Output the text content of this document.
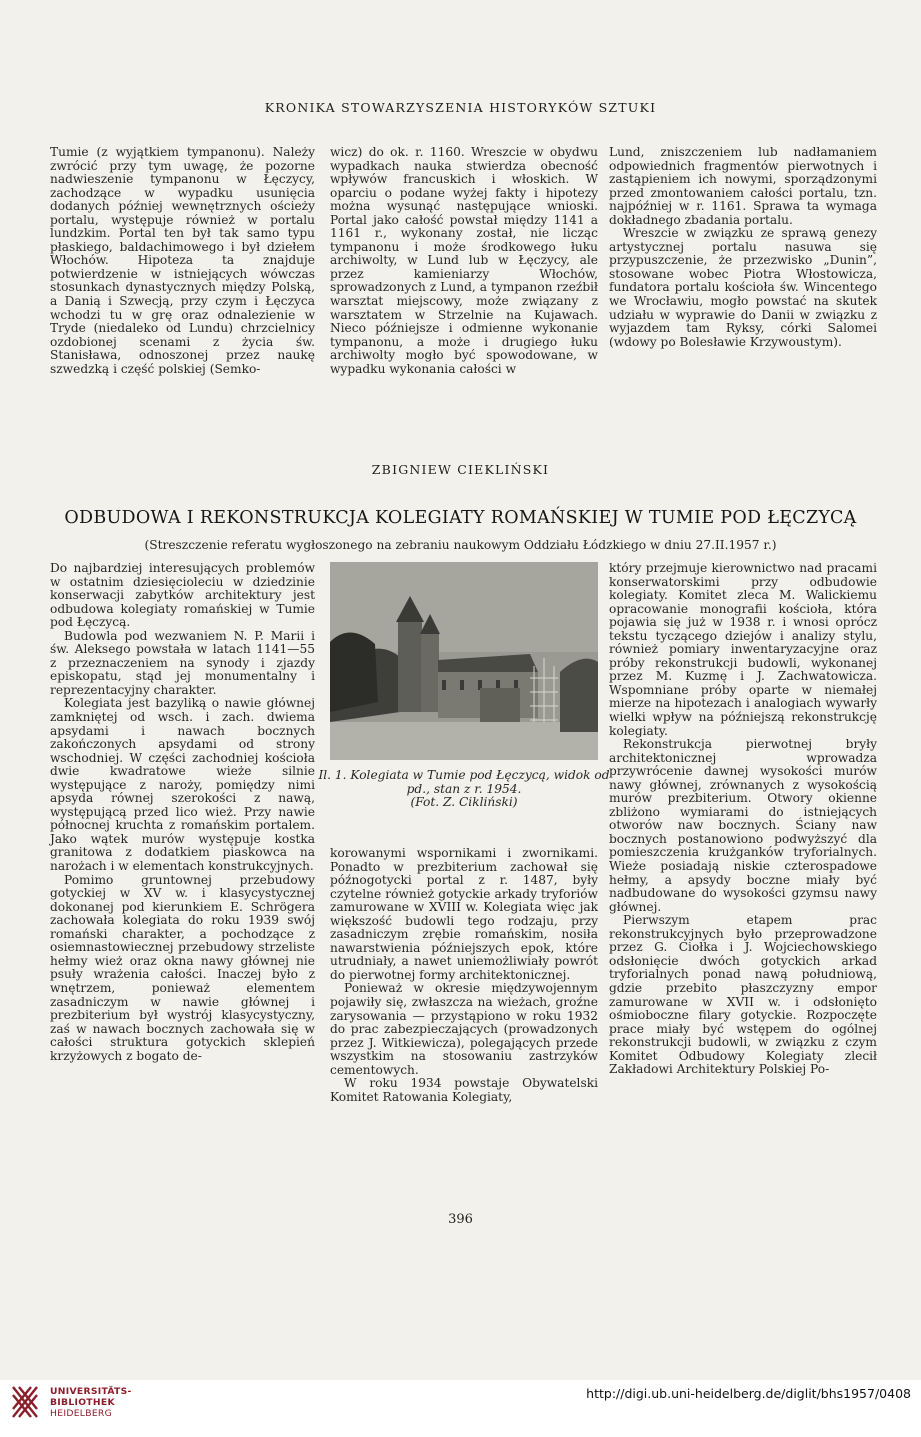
KRONIKA STOWARZYSZENIA HISTORYKÓW SZTUKI

Tumie (z wyjątkiem tympanonu). Należy zwrócić przy tym uwagę, że pozorne nadwieszenie tympanonu w Łęczycy, zachodzące w wypadku usunięcia dodanych później wewnętrznych ościeży portalu, występuje również w portalu lundzkim. Portal ten był tak samo typu płaskiego, baldachimowego i był dziełem Włochów. Hipoteza ta znajduje potwierdzenie w istniejących wówczas stosunkach dynastycznych między Polską, a Danią i Szwecją, przy czym i Łęczyca wchodzi tu w grę oraz odnalezienie w Tryde (niedaleko od Lundu) chrzcielnicy ozdobionej scenami z życia św. Stanisława, odnoszonej przez naukę szwedzką i część polskiej (Semko-

wicz) do ok. r. 1160. Wreszcie w obydwu wypadkach nauka stwierdza obecność wpływów francuskich i włoskich. W oparciu o podane wyżej fakty i hipotezy można wysunąć następujące wnioski. Portal jako całość powstał między 1141 a 1161 r., wykonany został, nie licząc tympanonu i może środkowego łuku archiwolty, w Lund lub w Łęczycy, ale przez kamieniarzy Włochów, sprowadzonych z Lund, a tympanon rzeźbił warsztat miejscowy, może związany z warsztatem w Strzelnie na Kujawach. Nieco późniejsze i odmienne wykonanie tympanonu, a może i drugiego łuku archiwolty mogło być spowodowane, w wypadku wykonania całości w

Lund, zniszczeniem lub nadłamaniem odpowiednich fragmentów pierwotnych i zastąpieniem ich nowymi, sporządzonymi przed zmontowaniem całości portalu, tzn. najpóźniej w r. 1161. Sprawa ta wymaga dokładnego zbadania portalu.

Wreszcie w związku ze sprawą genezy artystycznej portalu nasuwa się przypuszczenie, że przezwisko „Dunin”, stosowane wobec Piotra Włostowicza, fundatora portalu kościoła św. Wincentego we Wrocławiu, mogło powstać na skutek udziału w wyprawie do Danii w związku z wyjazdem tam Ryksy, córki Salomei (wdowy po Bolesławie Krzywoustym).

ZBIGNIEW CIEKLIŃSKI
ODBUDOWA I REKONSTRUKCJA KOLEGIATY ROMAŃSKIEJ W TUMIE POD ŁĘCZYCĄ
(Streszczenie referatu wygłoszonego na zebraniu naukowym Oddziału Łódzkiego w dniu 27.II.1957 r.)

Do najbardziej interesujących problemów w ostatnim dziesięcioleciu w dziedzinie konserwacji zabytków architektury jest odbudowa kolegiaty romańskiej w Tumie pod Łęczycą.

Budowla pod wezwaniem N. P. Marii i św. Aleksego powstała w latach 1141—55 z przeznaczeniem na synody i zjazdy episkopatu, stąd jej monumentalny i reprezentacyjny charakter.

Kolegiata jest bazyliką o nawie głównej zamkniętej od wsch. i zach. dwiema apsydami i nawach bocznych zakończonych apsydami od strony wschodniej. W części zachodniej kościoła dwie kwadratowe wieże silnie występujące z naroży, pomiędzy nimi apsyda równej szerokości z nawą, występującą przed lico wież. Przy nawie północnej kruchta z romańskim portalem. Jako wątek murów występuje kostka granitowa z dodatkiem piaskowca na narożach i w elementach konstrukcyjnych.

Pomimo gruntownej przebudowy gotyckiej w XV w. i klasycystycznej dokonanej pod kierunkiem E. Schrögera zachowała kolegiata do roku 1939 swój romański charakter, a pochodzące z osiemnastowiecznej przebudowy strzeliste hełmy wież oraz okna nawy głównej nie psuły wrażenia całości. Inaczej było z wnętrzem, ponieważ elementem zasadniczym w nawie głównej i prezbiterium był wystrój klasycystyczny, zaś w nawach bocznych zachowała się w całości struktura gotyckich sklepień krzyżowych z bogato de-

Il. 1. Kolegiata w Tumie pod Łęczycą, widok od pd., stan z r. 1954.
(Fot. Z. Cikliński)

korowanymi wspornikami i zwornikami. Ponadto w prezbiterium zachował się późnogotycki portal z r. 1487, były czytelne również gotyckie arkady tryforiów zamurowane w XVIII w. Kolegiata więc jak większość budowli tego rodzaju, przy zasadniczym zrębie romańskim, nosiła nawarstwienia późniejszych epok, które utrudniały, a nawet uniemożliwiały powrót do pierwotnej formy architektonicznej.

Ponieważ w okresie międzywojennym pojawiły się, zwłaszcza na wieżach, groźne zarysowania — przystąpiono w roku 1932 do prac zabezpieczających (prowadzonych przez J. Witkiewicza), polegających przede wszystkim na stosowaniu zastrzyków cementowych.

W roku 1934 powstaje Obywatelski Komitet Ratowania Kolegiaty,

który przejmuje kierownictwo nad pracami konserwatorskimi przy odbudowie kolegiaty. Komitet zleca M. Walickiemu opracowanie monografii kościoła, która pojawia się już w 1938 r. i wnosi oprócz tekstu tyczącego dziejów i analizy stylu, również pomiary inwentaryzacyjne oraz próby rekonstrukcji budowli, wykonanej przez M. Kuzmę i J. Zachwatowicza. Wspomniane próby oparte w niemałej mierze na hipotezach i analogiach wywarły wielki wpływ na późniejszą rekonstrukcję kolegiaty.

Rekonstrukcja pierwotnej bryły architektonicznej wprowadza przywrócenie dawnej wysokości murów nawy głównej, zrównanych z wysokością murów prezbiterium. Otwory okienne zbliżono wymiarami do istniejących otworów naw bocznych. Ściany naw bocznych postanowiono podwyższyć dla pomieszczenia krużganków tryforialnych. Wieże posiadają niskie czterospadowe hełmy, a apsydy boczne miały być nadbudowane do wysokości gzymsu nawy głównej.

Pierwszym etapem prac rekonstrukcyjnych było przeprowadzone przez G. Ciołka i J. Wojciechowskiego odsłonięcie dwóch gotyckich arkad tryforialnych ponad nawą południową, gdzie przebito płaszczyzny empor zamurowane w XVII w. i odsłonięto ośmioboczne filary gotyckie. Rozpoczęte prace miały być wstępem do ogólnej rekonstrukcji budowli, w związku z czym Komitet Odbudowy Kolegiaty zlecił Zakładowi Architektury Polskiej Po-

396
UNIVERSITÄTS-
BIBLIOTHEK
HEIDELBERG
http://digi.ub.uni-heidelberg.de/diglit/bhs1957/0408
